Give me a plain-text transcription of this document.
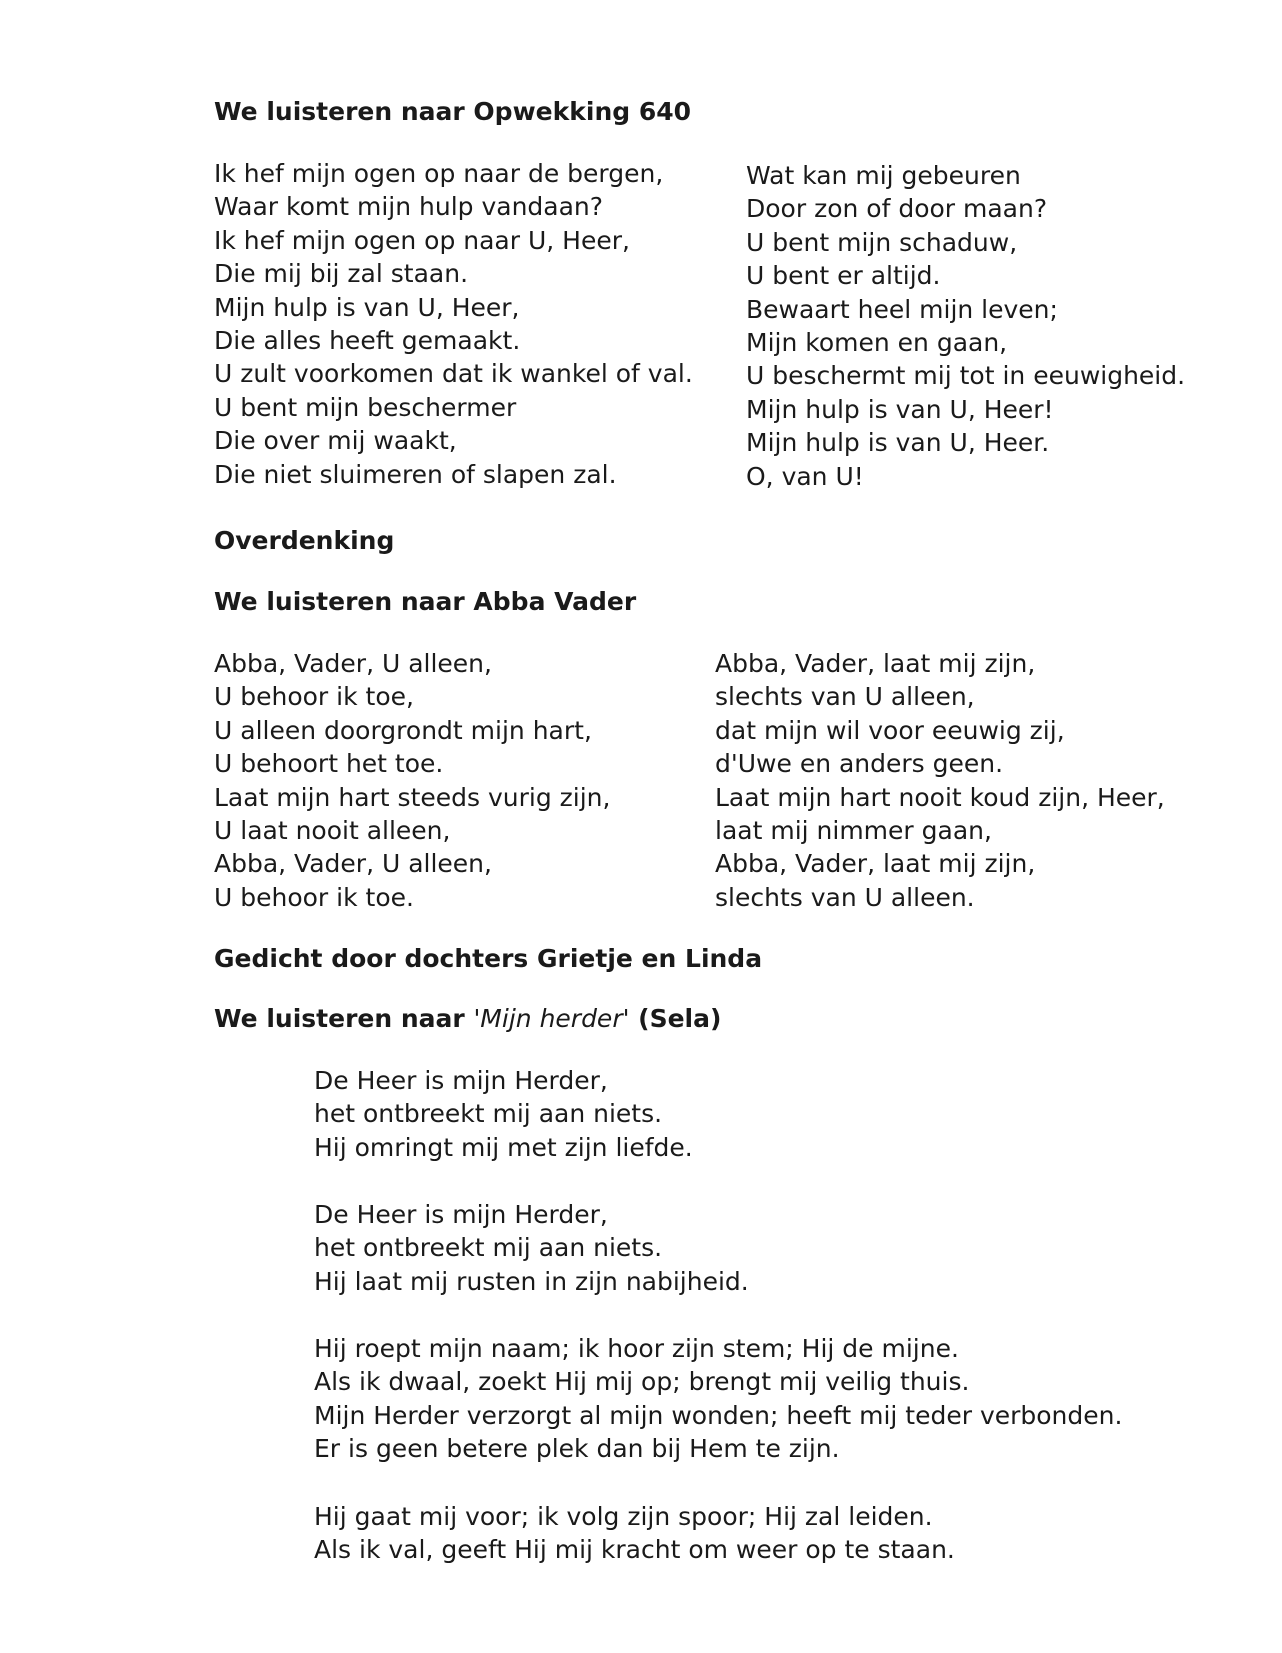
We luisteren naar Opwekking 640
Ik hef mijn ogen op naar de bergen,
Waar komt mijn hulp vandaan?
Ik hef mijn ogen op naar U, Heer,
Die mij bij zal staan.
Mijn hulp is van U, Heer,
Die alles heeft gemaakt.
U zult voorkomen dat ik wankel of val.
U bent mijn beschermer
Die over mij waakt,
Die niet sluimeren of slapen zal.
Wat kan mij gebeuren
Door zon of door maan?
U bent mijn schaduw,
U bent er altijd.
Bewaart heel mijn leven;
Mijn komen en gaan,
U beschermt mij tot in eeuwigheid.
Mijn hulp is van U, Heer!
Mijn hulp is van U, Heer.
O, van U!
Overdenking
We luisteren naar Abba Vader
Abba, Vader, U alleen,
U behoor ik toe,
U alleen doorgrondt mijn hart,
U behoort het toe.
Laat mijn hart steeds vurig zijn,
U laat nooit alleen,
Abba, Vader, U alleen,
U behoor ik toe.
Abba, Vader, laat mij zijn,
slechts van U alleen,
dat mijn wil voor eeuwig zij,
d'Uwe en anders geen.
Laat mijn hart nooit koud zijn, Heer,
laat mij nimmer gaan,
Abba, Vader, laat mij zijn,
slechts van U alleen.
Gedicht door dochters Grietje en Linda
We luisteren naar 'Mijn herder' (Sela)
De Heer is mijn Herder,
het ontbreekt mij aan niets.
Hij omringt mij met zijn liefde.
De Heer is mijn Herder,
het ontbreekt mij aan niets.
Hij laat mij rusten in zijn nabijheid.
Hij roept mijn naam; ik hoor zijn stem; Hij de mijne.
Als ik dwaal, zoekt Hij mij op; brengt mij veilig thuis.
Mijn Herder verzorgt al mijn wonden; heeft mij teder verbonden.
Er is geen betere plek dan bij Hem te zijn.
Hij gaat mij voor; ik volg zijn spoor; Hij zal leiden.
Als ik val, geeft Hij mij kracht om weer op te staan.
